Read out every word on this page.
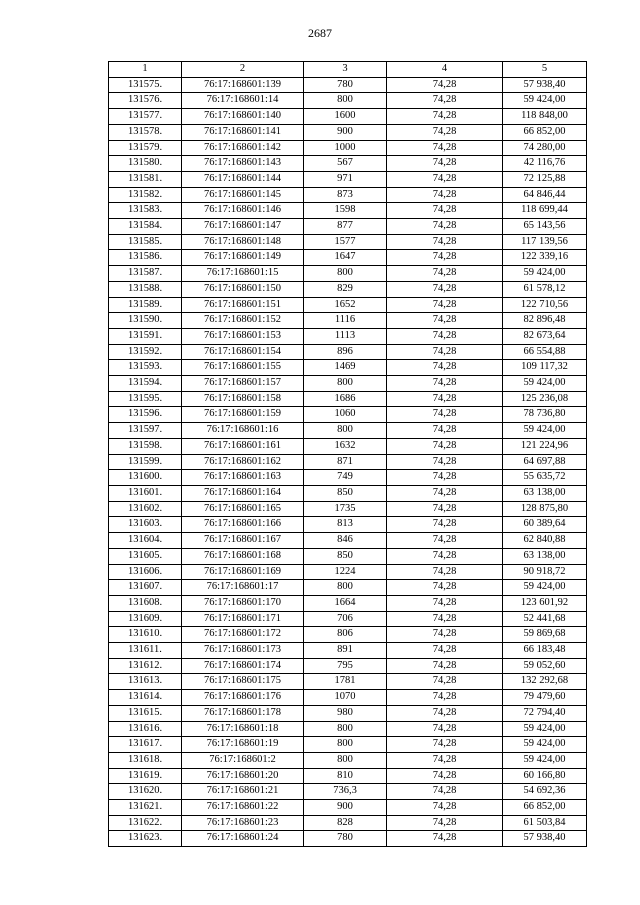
2687
1	2	3	4	5
131575.	76:17:168601:139	780	74,28	57 938,40
131576.	76:17:168601:14	800	74,28	59 424,00
131577.	76:17:168601:140	1600	74,28	118 848,00
131578.	76:17:168601:141	900	74,28	66 852,00
131579.	76:17:168601:142	1000	74,28	74 280,00
131580.	76:17:168601:143	567	74,28	42 116,76
131581.	76:17:168601:144	971	74,28	72 125,88
131582.	76:17:168601:145	873	74,28	64 846,44
131583.	76:17:168601:146	1598	74,28	118 699,44
131584.	76:17:168601:147	877	74,28	65 143,56
131585.	76:17:168601:148	1577	74,28	117 139,56
131586.	76:17:168601:149	1647	74,28	122 339,16
131587.	76:17:168601:15	800	74,28	59 424,00
131588.	76:17:168601:150	829	74,28	61 578,12
131589.	76:17:168601:151	1652	74,28	122 710,56
131590.	76:17:168601:152	1116	74,28	82 896,48
131591.	76:17:168601:153	1113	74,28	82 673,64
131592.	76:17:168601:154	896	74,28	66 554,88
131593.	76:17:168601:155	1469	74,28	109 117,32
131594.	76:17:168601:157	800	74,28	59 424,00
131595.	76:17:168601:158	1686	74,28	125 236,08
131596.	76:17:168601:159	1060	74,28	78 736,80
131597.	76:17:168601:16	800	74,28	59 424,00
131598.	76:17:168601:161	1632	74,28	121 224,96
131599.	76:17:168601:162	871	74,28	64 697,88
131600.	76:17:168601:163	749	74,28	55 635,72
131601.	76:17:168601:164	850	74,28	63 138,00
131602.	76:17:168601:165	1735	74,28	128 875,80
131603.	76:17:168601:166	813	74,28	60 389,64
131604.	76:17:168601:167	846	74,28	62 840,88
131605.	76:17:168601:168	850	74,28	63 138,00
131606.	76:17:168601:169	1224	74,28	90 918,72
131607.	76:17:168601:17	800	74,28	59 424,00
131608.	76:17:168601:170	1664	74,28	123 601,92
131609.	76:17:168601:171	706	74,28	52 441,68
131610.	76:17:168601:172	806	74,28	59 869,68
131611.	76:17:168601:173	891	74,28	66 183,48
131612.	76:17:168601:174	795	74,28	59 052,60
131613.	76:17:168601:175	1781	74,28	132 292,68
131614.	76:17:168601:176	1070	74,28	79 479,60
131615.	76:17:168601:178	980	74,28	72 794,40
131616.	76:17:168601:18	800	74,28	59 424,00
131617.	76:17:168601:19	800	74,28	59 424,00
131618.	76:17:168601:2	800	74,28	59 424,00
131619.	76:17:168601:20	810	74,28	60 166,80
131620.	76:17:168601:21	736,3	74,28	54 692,36
131621.	76:17:168601:22	900	74,28	66 852,00
131622.	76:17:168601:23	828	74,28	61 503,84
131623.	76:17:168601:24	780	74,28	57 938,40
